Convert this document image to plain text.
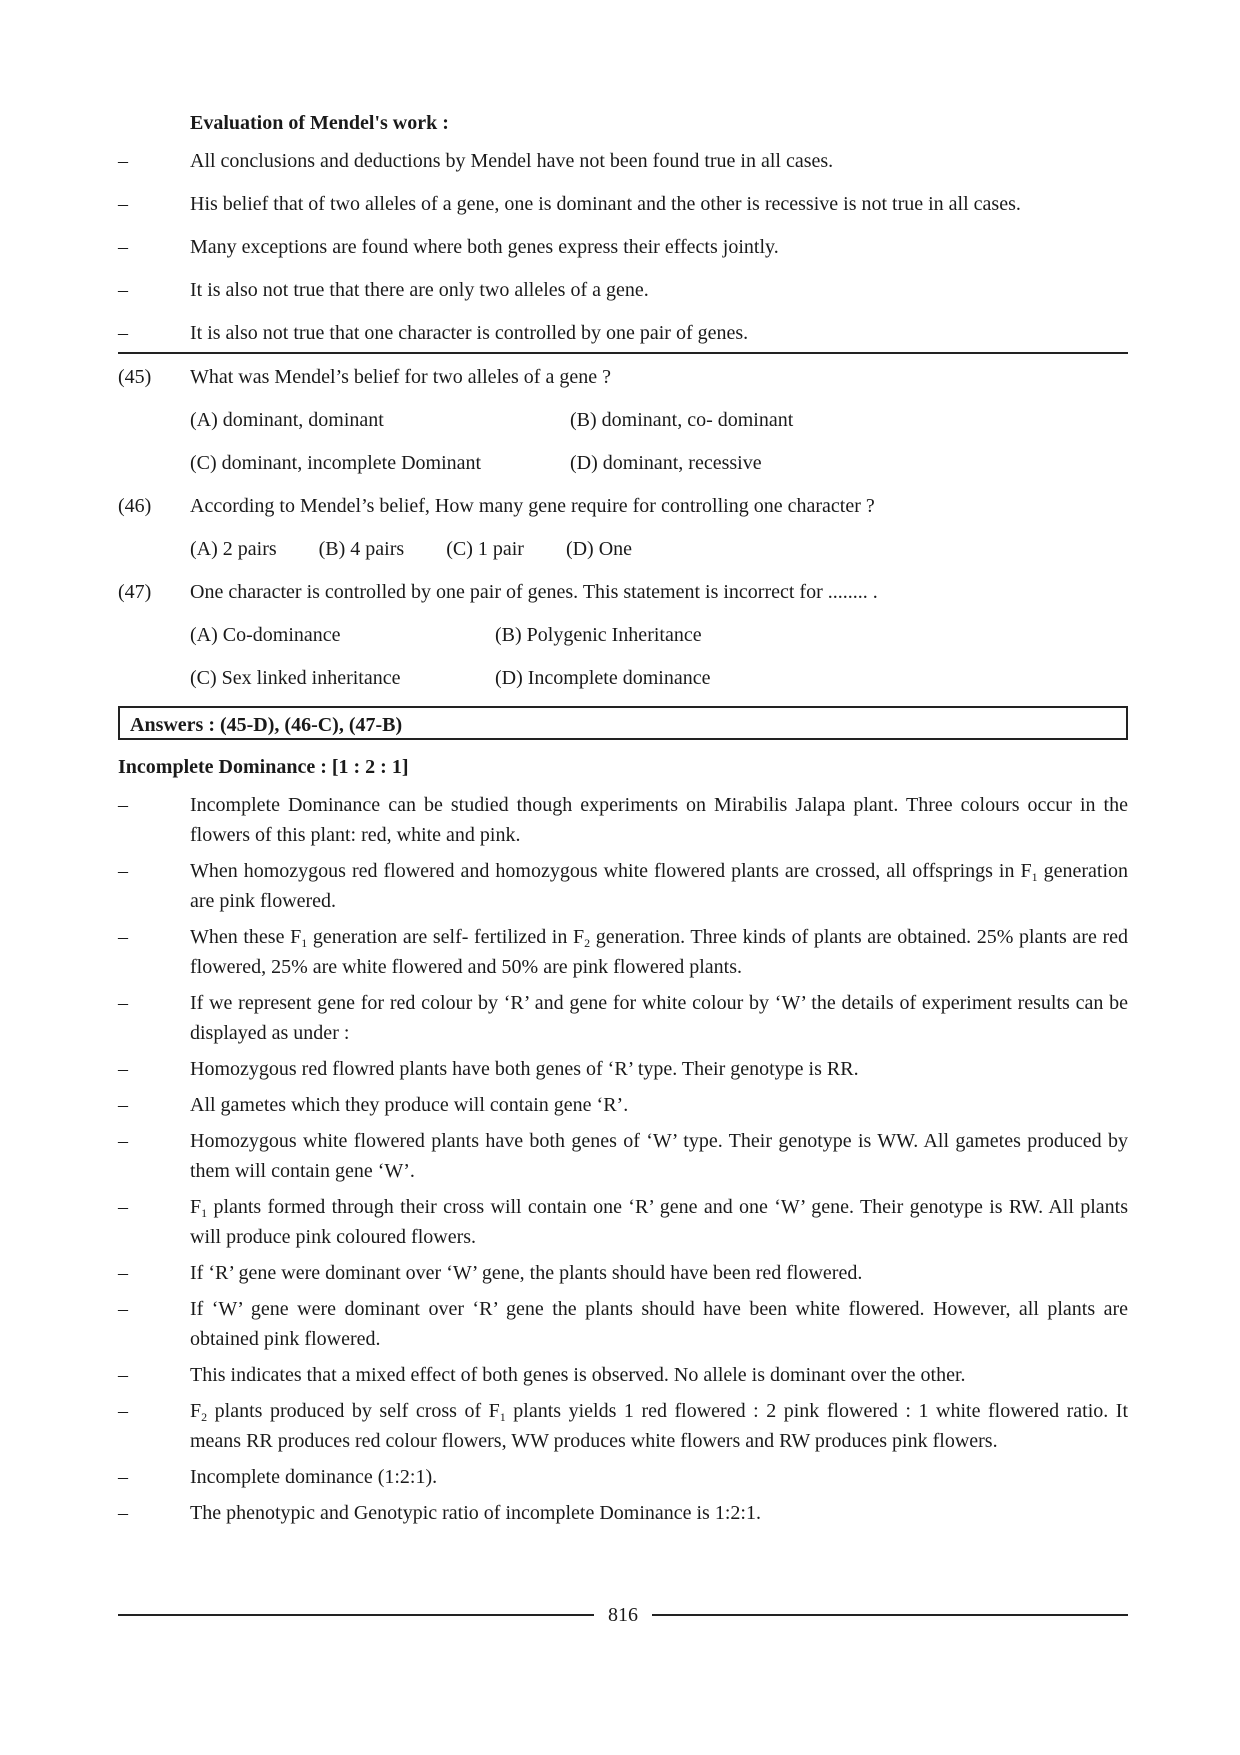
Evaluation of Mendel's work :
–	All conclusions and deductions by Mendel have not been found true in all cases.
–	His belief that of two alleles of a gene, one is dominant and the other is recessive is not true in all cases.
–	Many exceptions are found where both genes express their effects jointly.
–	It is also not true that there are only two alleles of a gene.
–	It is also not true that one character is controlled by one pair of genes.
(45)	What was Mendel’s belief for two alleles of a gene ?
(A) dominant, dominant	(B) dominant, co- dominant
(C) dominant, incomplete Dominant	(D) dominant, recessive
(46)	According to Mendel’s belief, How many gene require for controlling one character ?
(A) 2 pairs (B) 4 pairs (C) 1 pair (D) One
(47)	One character is controlled by one pair of genes. This statement is incorrect for ........ .
(A) Co-dominance	(B) Polygenic Inheritance
(C) Sex linked inheritance	(D) Incomplete dominance
Answers : (45-D), (46-C), (47-B)
Incomplete Dominance : [1 : 2 : 1]
–	Incomplete Dominance can be studied though experiments on Mirabilis Jalapa plant. Three colours occur in the flowers of this plant: red, white and pink.
–	When homozygous red flowered and homozygous white flowered plants are crossed, all offsprings in $F_1$ generation are pink flowered.
–	When these $F_1$ generation are self- fertilized in $F_2$ generation. Three kinds of plants are obtained. 25% plants are red flowered, 25% are white flowered and 50% are pink flowered plants.
–	If we represent gene for red colour by ‘R’ and gene for white colour by ‘W’ the details of experiment results can be displayed as under :
–	Homozygous red flowred plants have both genes of ‘R’ type. Their genotype is RR.
–	All gametes which they produce will contain gene ‘R’.
–	Homozygous white flowered plants have both genes of ‘W’ type. Their genotype is WW. All gametes produced by them will contain gene ‘W’.
–	$F_1$ plants formed through their cross will contain one ‘R’ gene and one ‘W’ gene. Their genotype is RW. All plants will produce pink coloured flowers.
–	If ‘R’ gene were dominant over ‘W’ gene, the plants should have been red flowered.
–	If ‘W’ gene were dominant over ‘R’ gene the plants should have been white flowered. However, all plants are obtained pink flowered.
–	This indicates that a mixed effect of both genes is observed. No allele is dominant over the other.
–	$F_2$ plants produced by self cross of $F_1$ plants yields 1 red flowered : 2 pink flowered : 1 white flowered ratio. It means RR produces red colour flowers, WW produces white flowers and RW produces pink flowers.
–	Incomplete dominance (1:2:1).
–	The phenotypic and Genotypic ratio of incomplete Dominance is 1:2:1.
816
